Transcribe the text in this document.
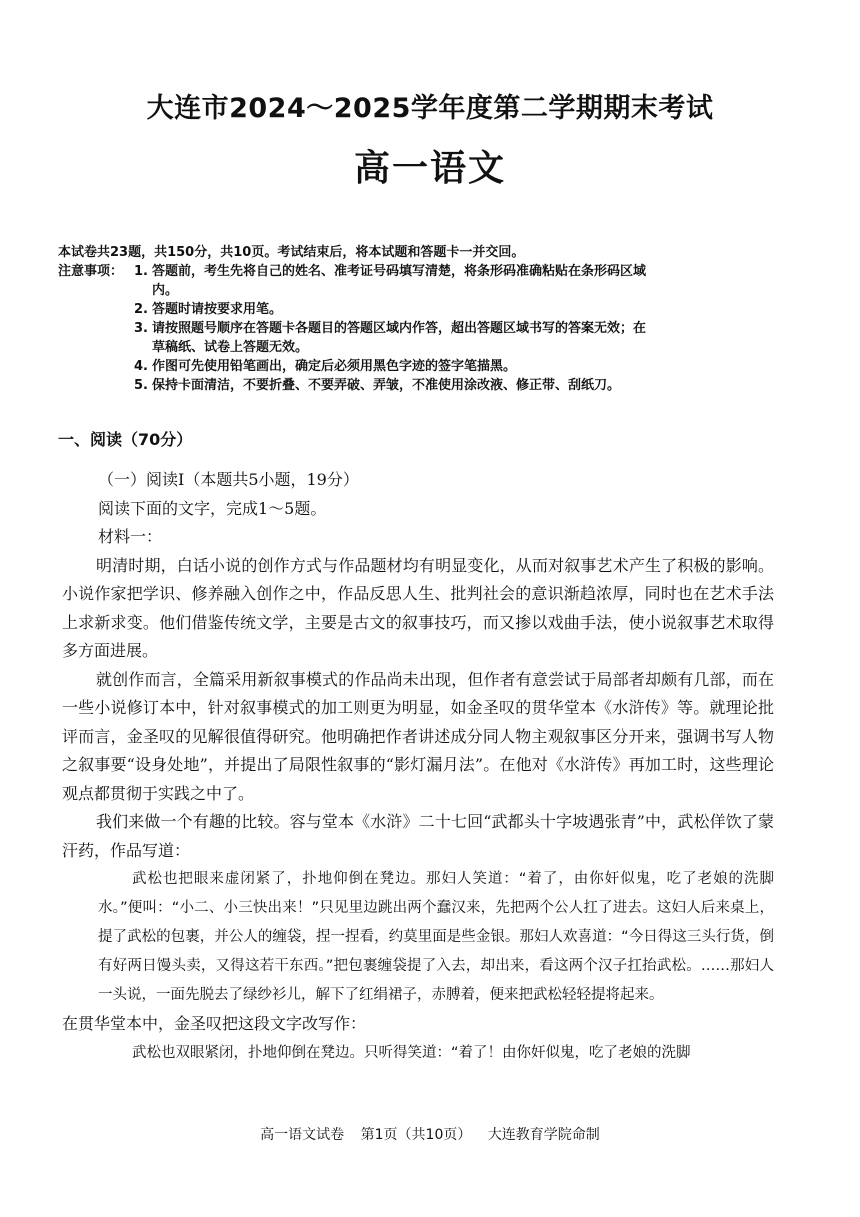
大连市2024～2025学年度第二学期期末考试
高一语文
本试卷共23题，共150分，共10页。考试结束后，将本试题和答题卡一并交回。
注意事项： 1. 答题前，考生先将自己的姓名、准考证号码填写清楚，将条形码准确粘贴在条形码区域
内。
2. 答题时请按要求用笔。
3. 请按照题号顺序在答题卡各题目的答题区域内作答，超出答题区域书写的答案无效；在
草稿纸、试卷上答题无效。
4. 作图可先使用铅笔画出，确定后必须用黑色字迹的签字笔描黑。
5. 保持卡面清洁，不要折叠、不要弄破、弄皱，不准使用涂改液、修正带、刮纸刀。
一、阅读（70分）

（一）阅读Ⅰ（本题共5小题，19分）

阅读下面的文字，完成1～5题。

材料一：

明清时期，白话小说的创作方式与作品题材均有明显变化，从而对叙事艺术产生了积极的影响。小说作家把学识、修养融入创作之中，作品反思人生、批判社会的意识渐趋浓厚，同时也在艺术手法上求新求变。他们借鉴传统文学，主要是古文的叙事技巧，而又掺以戏曲手法，使小说叙事艺术取得多方面进展。

就创作而言，全篇采用新叙事模式的作品尚未出现，但作者有意尝试于局部者却颇有几部，而在一些小说修订本中，针对叙事模式的加工则更为明显，如金圣叹的贯华堂本《水浒传》等。就理论批评而言，金圣叹的见解很值得研究。他明确把作者讲述成分同人物主观叙事区分开来，强调书写人物之叙事要“设身处地”，并提出了局限性叙事的“影灯漏月法”。在他对《水浒传》再加工时，这些理论观点都贯彻于实践之中了。

我们来做一个有趣的比较。容与堂本《水浒》二十七回“武都头十字坡遇张青”中，武松佯饮了蒙汗药，作品写道：

武松也把眼来虚闭紧了，扑地仰倒在凳边。那妇人笑道：“着了，由你奸似鬼，吃了老娘的洗脚水。”便叫：“小二、小三快出来！”只见里边跳出两个蠢汉来，先把两个公人扛了进去。这妇人后来桌上，提了武松的包裹，并公人的缠袋，捏一捏看，约莫里面是些金银。那妇人欢喜道：“今日得这三头行货，倒有好两日馒头卖，又得这若干东西。”把包裹缠袋提了入去，却出来，看这两个汉子扛抬武松。……那妇人一头说，一面先脱去了绿纱衫儿，解下了红绢裙子，赤膊着，便来把武松轻轻提将起来。

在贯华堂本中，金圣叹把这段文字改写作：

武松也双眼紧闭，扑地仰倒在凳边。只听得笑道：“着了！由你奸似鬼，吃了老娘的洗脚

高一语文试卷 第1页（共10页） 大连教育学院命制
